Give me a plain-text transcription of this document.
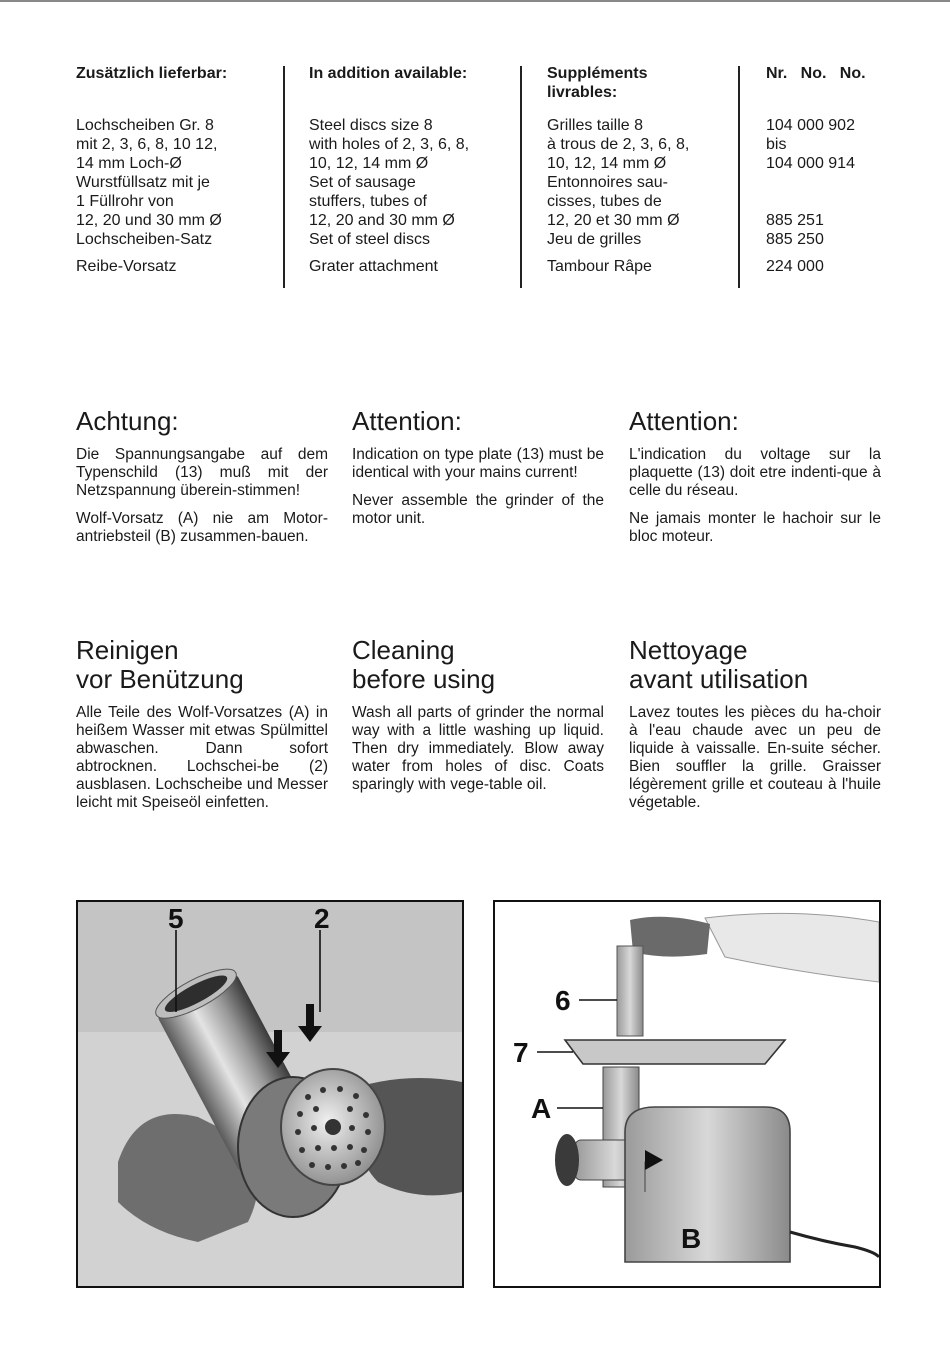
Zusätzlich lieferbar:
Lochscheiben Gr. 8
mit 2, 3, 6, 8, 10 12,
14 mm Loch-Ø
Wurstfüllsatz mit je
1 Füllrohr von
12, 20 und 30 mm Ø
Lochscheiben-Satz
Reibe-Vorsatz
In addition available:
Steel discs size 8
with holes of 2, 3, 6, 8,
10, 12, 14 mm Ø
Set of sausage
stuffers, tubes of
12, 20 and 30 mm Ø
Set of steel discs
Grater attachment
Suppléments
livrables:
Grilles taille 8
à trous de 2, 3, 6, 8,
10, 12, 14 mm Ø
Entonnoires sau-
cisses, tubes de
12, 20 et 30 mm Ø
Jeu de grilles
Tambour Râpe
Nr.   No.   No.
104 000 902
bis
104 000 914

885 251
885 250
224 000
Achtung:

Die Spannungsangabe auf dem Typenschild (13) muß mit der Netzspannung überein-stimmen!

Wolf-Vorsatz (A) nie am Motor-antriebsteil (B) zusammen-bauen.

Attention:

Indication on type plate (13) must be identical with your mains current!

Never assemble the grinder of the motor unit.

Attention:

L'indication du voltage sur la plaquette (13) doit etre indenti-que à celle du réseau.

Ne jamais monter le hachoir sur le bloc moteur.

Reinigen
vor Benützung

Alle Teile des Wolf-Vorsatzes (A) in heißem Wasser mit etwas Spülmittel abwaschen. Dann sofort abtrocknen. Lochschei-be (2) ausblasen. Lochscheibe und Messer leicht mit Speiseöl einfetten.

Cleaning
before using

Wash all parts of grinder the normal way with a little washing up liquid. Then dry immediately. Blow away water from holes of disc. Coats sparingly with vege-table oil.

Nettoyage
avant utilisation

Lavez toutes les pièces du ha-choir à l'eau chaude avec un peu de liquide à vaissalle. En-suite sécher. Bien souffler la grille. Graisser légèrement grille et couteau à l'huile végetable.

5	2
6
7
A
B
